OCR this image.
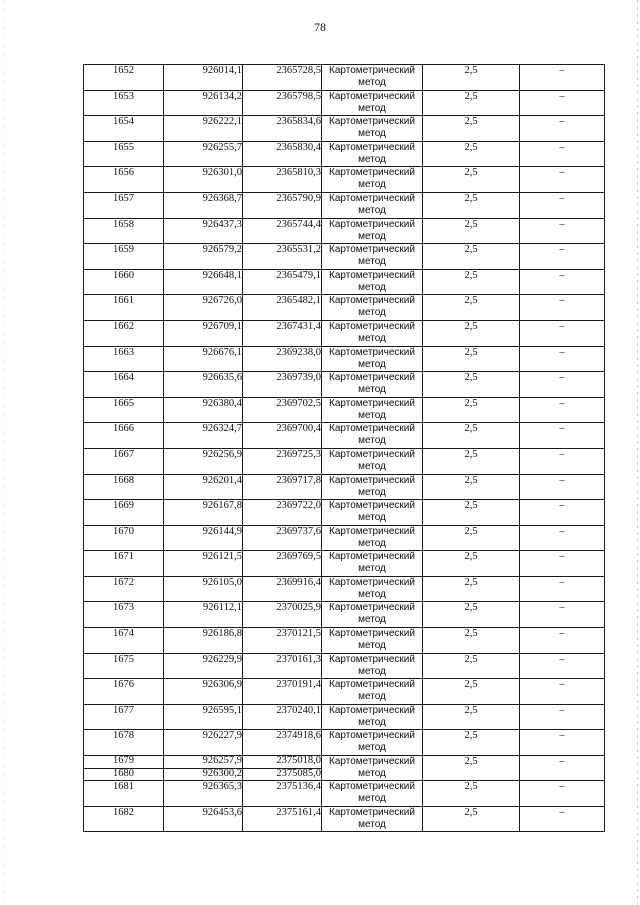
78
1652	926014,1	2365728,5	Картометрический метод	2,5	–
1653	926134,2	2365798,5	Картометрический метод	2,5	–
1654	926222,1	2365834,6	Картометрический метод	2,5	–
1655	926255,7	2365830,4	Картометрический метод	2,5	–
1656	926301,0	2365810,3	Картометрический метод	2,5	–
1657	926368,7	2365790,9	Картометрический метод	2,5	–
1658	926437,3	2365744,4	Картометрический метод	2,5	–
1659	926579,2	2365531,2	Картометрический метод	2,5	–
1660	926648,1	2365479,1	Картометрический метод	2,5	–
1661	926726,0	2365482,1	Картометрический метод	2,5	–
1662	926709,1	2367431,4	Картометрический метод	2,5	–
1663	926676,1	2369238,0	Картометрический метод	2,5	–
1664	926635,6	2369739,0	Картометрический метод	2,5	–
1665	926380,4	2369702,5	Картометрический метод	2,5	–
1666	926324,7	2369700,4	Картометрический метод	2,5	–
1667	926256,9	2369725,3	Картометрический метод	2,5	–
1668	926201,4	2369717,8	Картометрический метод	2,5	–
1669	926167,8	2369722,0	Картометрический метод	2,5	–
1670	926144,9	2369737,6	Картометрический метод	2,5	–
1671	926121,5	2369769,5	Картометрический метод	2,5	–
1672	926105,0	2369916,4	Картометрический метод	2,5	–
1673	926112,1	2370025,9	Картометрический метод	2,5	–
1674	926186,8	2370121,5	Картометрический метод	2,5	–
1675	926229,9	2370161,3	Картометрический метод	2,5	–
1676	926306,9	2370191,4	Картометрический метод	2,5	–
1677	926595,1	2370240,1	Картометрический метод	2,5	–
1678	926227,9	2374918,6	Картометрический метод	2,5	–
1679	926257,9	2375018,0	Картометрический метод	2,5	–
1680	926300,2	2375085,0			
1681	926365,3	2375136,4	Картометрический метод	2,5	–
1682	926453,6	2375161,4	Картометрический метод	2,5	–
